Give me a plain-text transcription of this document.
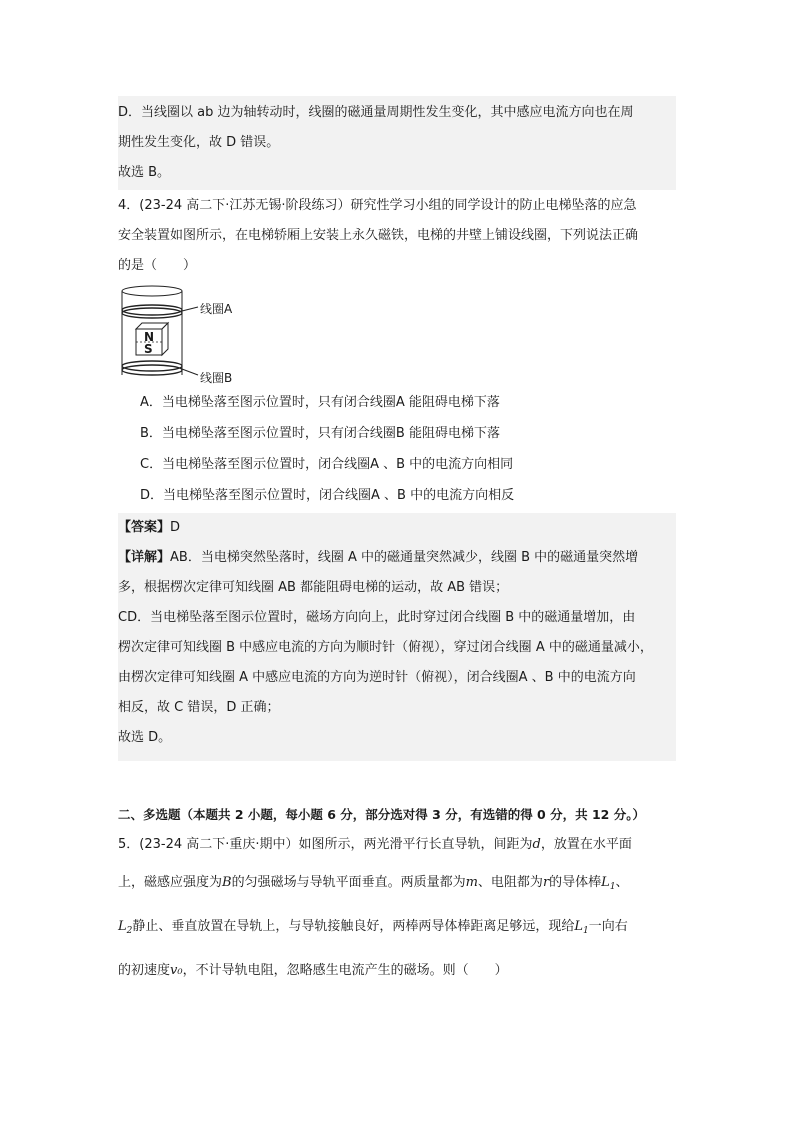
D．当线圈以 ab 边为轴转动时，线圈的磁通量周期性发生变化，其中感应电流方向也在周
期性发生变化，故 D 错误。
故选 B。
4．(23-24 高二下·江苏无锡·阶段练习）研究性学习小组的同学设计的防止电梯坠落的应急
安全装置如图所示，在电梯轿厢上安装上永久磁铁，电梯的井壁上铺设线圈，下列说法正确
的是（　　）
N
S
线圈A
线圈B
A．当电梯坠落至图示位置时，只有闭合线圈A 能阻碍电梯下落
B．当电梯坠落至图示位置时，只有闭合线圈B 能阻碍电梯下落
C．当电梯坠落至图示位置时，闭合线圈A 、B 中的电流方向相同
D．当电梯坠落至图示位置时，闭合线圈A 、B 中的电流方向相反
【答案】D
【详解】AB．当电梯突然坠落时，线圈 A 中的磁通量突然减少，线圈 B 中的磁通量突然增
多，根据楞次定律可知线圈 AB 都能阻碍电梯的运动，故 AB 错误；
CD．当电梯坠落至图示位置时，磁场方向向上，此时穿过闭合线圈 B 中的磁通量增加，由
楞次定律可知线圈 B 中感应电流的方向为顺时针（俯视），穿过闭合线圈 A 中的磁通量减小，
由楞次定律可知线圈 A 中感应电流的方向为逆时针（俯视），闭合线圈A 、B 中的电流方向
相反，故 C 错误，D 正确；
故选 D。
二、多选题（本题共 2 小题，每小题 6 分，部分选对得 3 分，有选错的得 0 分，共 12 分。）
5．(23-24 高二下·重庆·期中）如图所示，两光滑平行长直导轨，间距为d，放置在水平面
上，磁感应强度为B的匀强磁场与导轨平面垂直。两质量都为m、电阻都为r的导体棒$L_1$、
$L_2$静止、垂直放置在导轨上，与导轨接触良好，两棒两导体棒距离足够远，现给$L_1$一向右
的初速度v₀，不计导轨电阻，忽略感生电流产生的磁场。则（　　）
